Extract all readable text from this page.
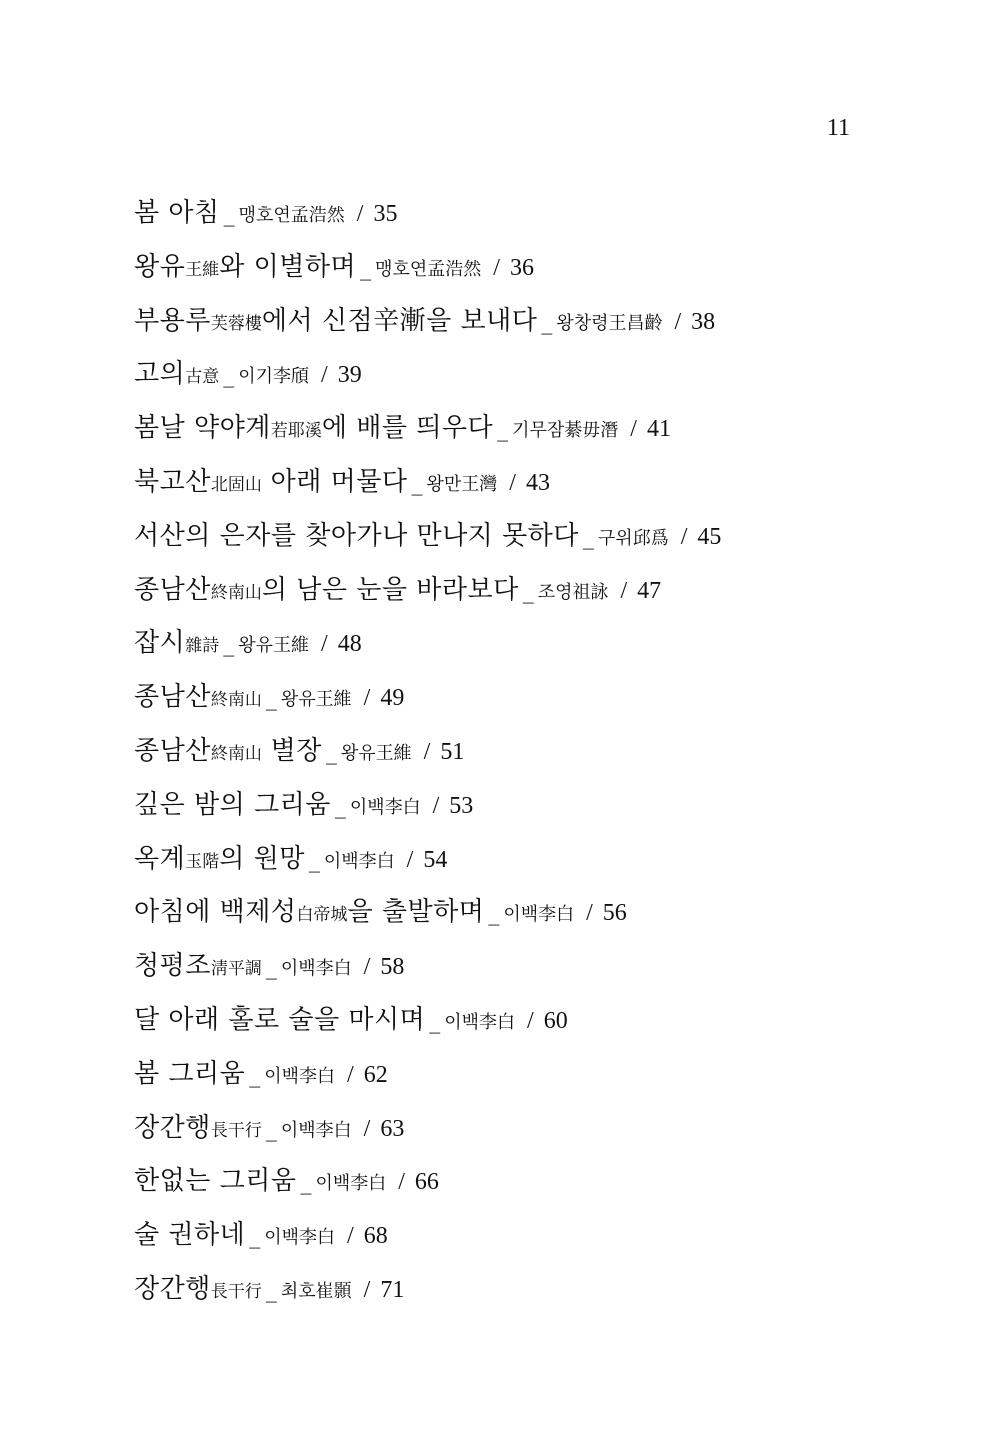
11
봄 아침 _ 맹호연孟浩然 / 35
왕유王維와 이별하며 _ 맹호연孟浩然 / 36
부용루芙蓉樓에서 신점辛漸을 보내다 _ 왕창령王昌齡 / 38
고의古意 _ 이기李頎 / 39
봄날 약야계若耶溪에 배를 띄우다 _ 기무잠綦毋潛 / 41
북고산北固山 아래 머물다 _ 왕만王灣 / 43
서산의 은자를 찾아가나 만나지 못하다 _ 구위邱爲 / 45
종남산終南山의 남은 눈을 바라보다 _ 조영祖詠 / 47
잡시雜詩 _ 왕유王維 / 48
종남산終南山 _ 왕유王維 / 49
종남산終南山 별장 _ 왕유王維 / 51
깊은 밤의 그리움 _ 이백李白 / 53
옥계玉階의 원망 _ 이백李白 / 54
아침에 백제성白帝城을 출발하며 _ 이백李白 / 56
청평조淸平調 _ 이백李白 / 58
달 아래 홀로 술을 마시며 _ 이백李白 / 60
봄 그리움 _ 이백李白 / 62
장간행長干行 _ 이백李白 / 63
한없는 그리움 _ 이백李白 / 66
술 권하네 _ 이백李白 / 68
장간행長干行 _ 최호崔顥 / 71
